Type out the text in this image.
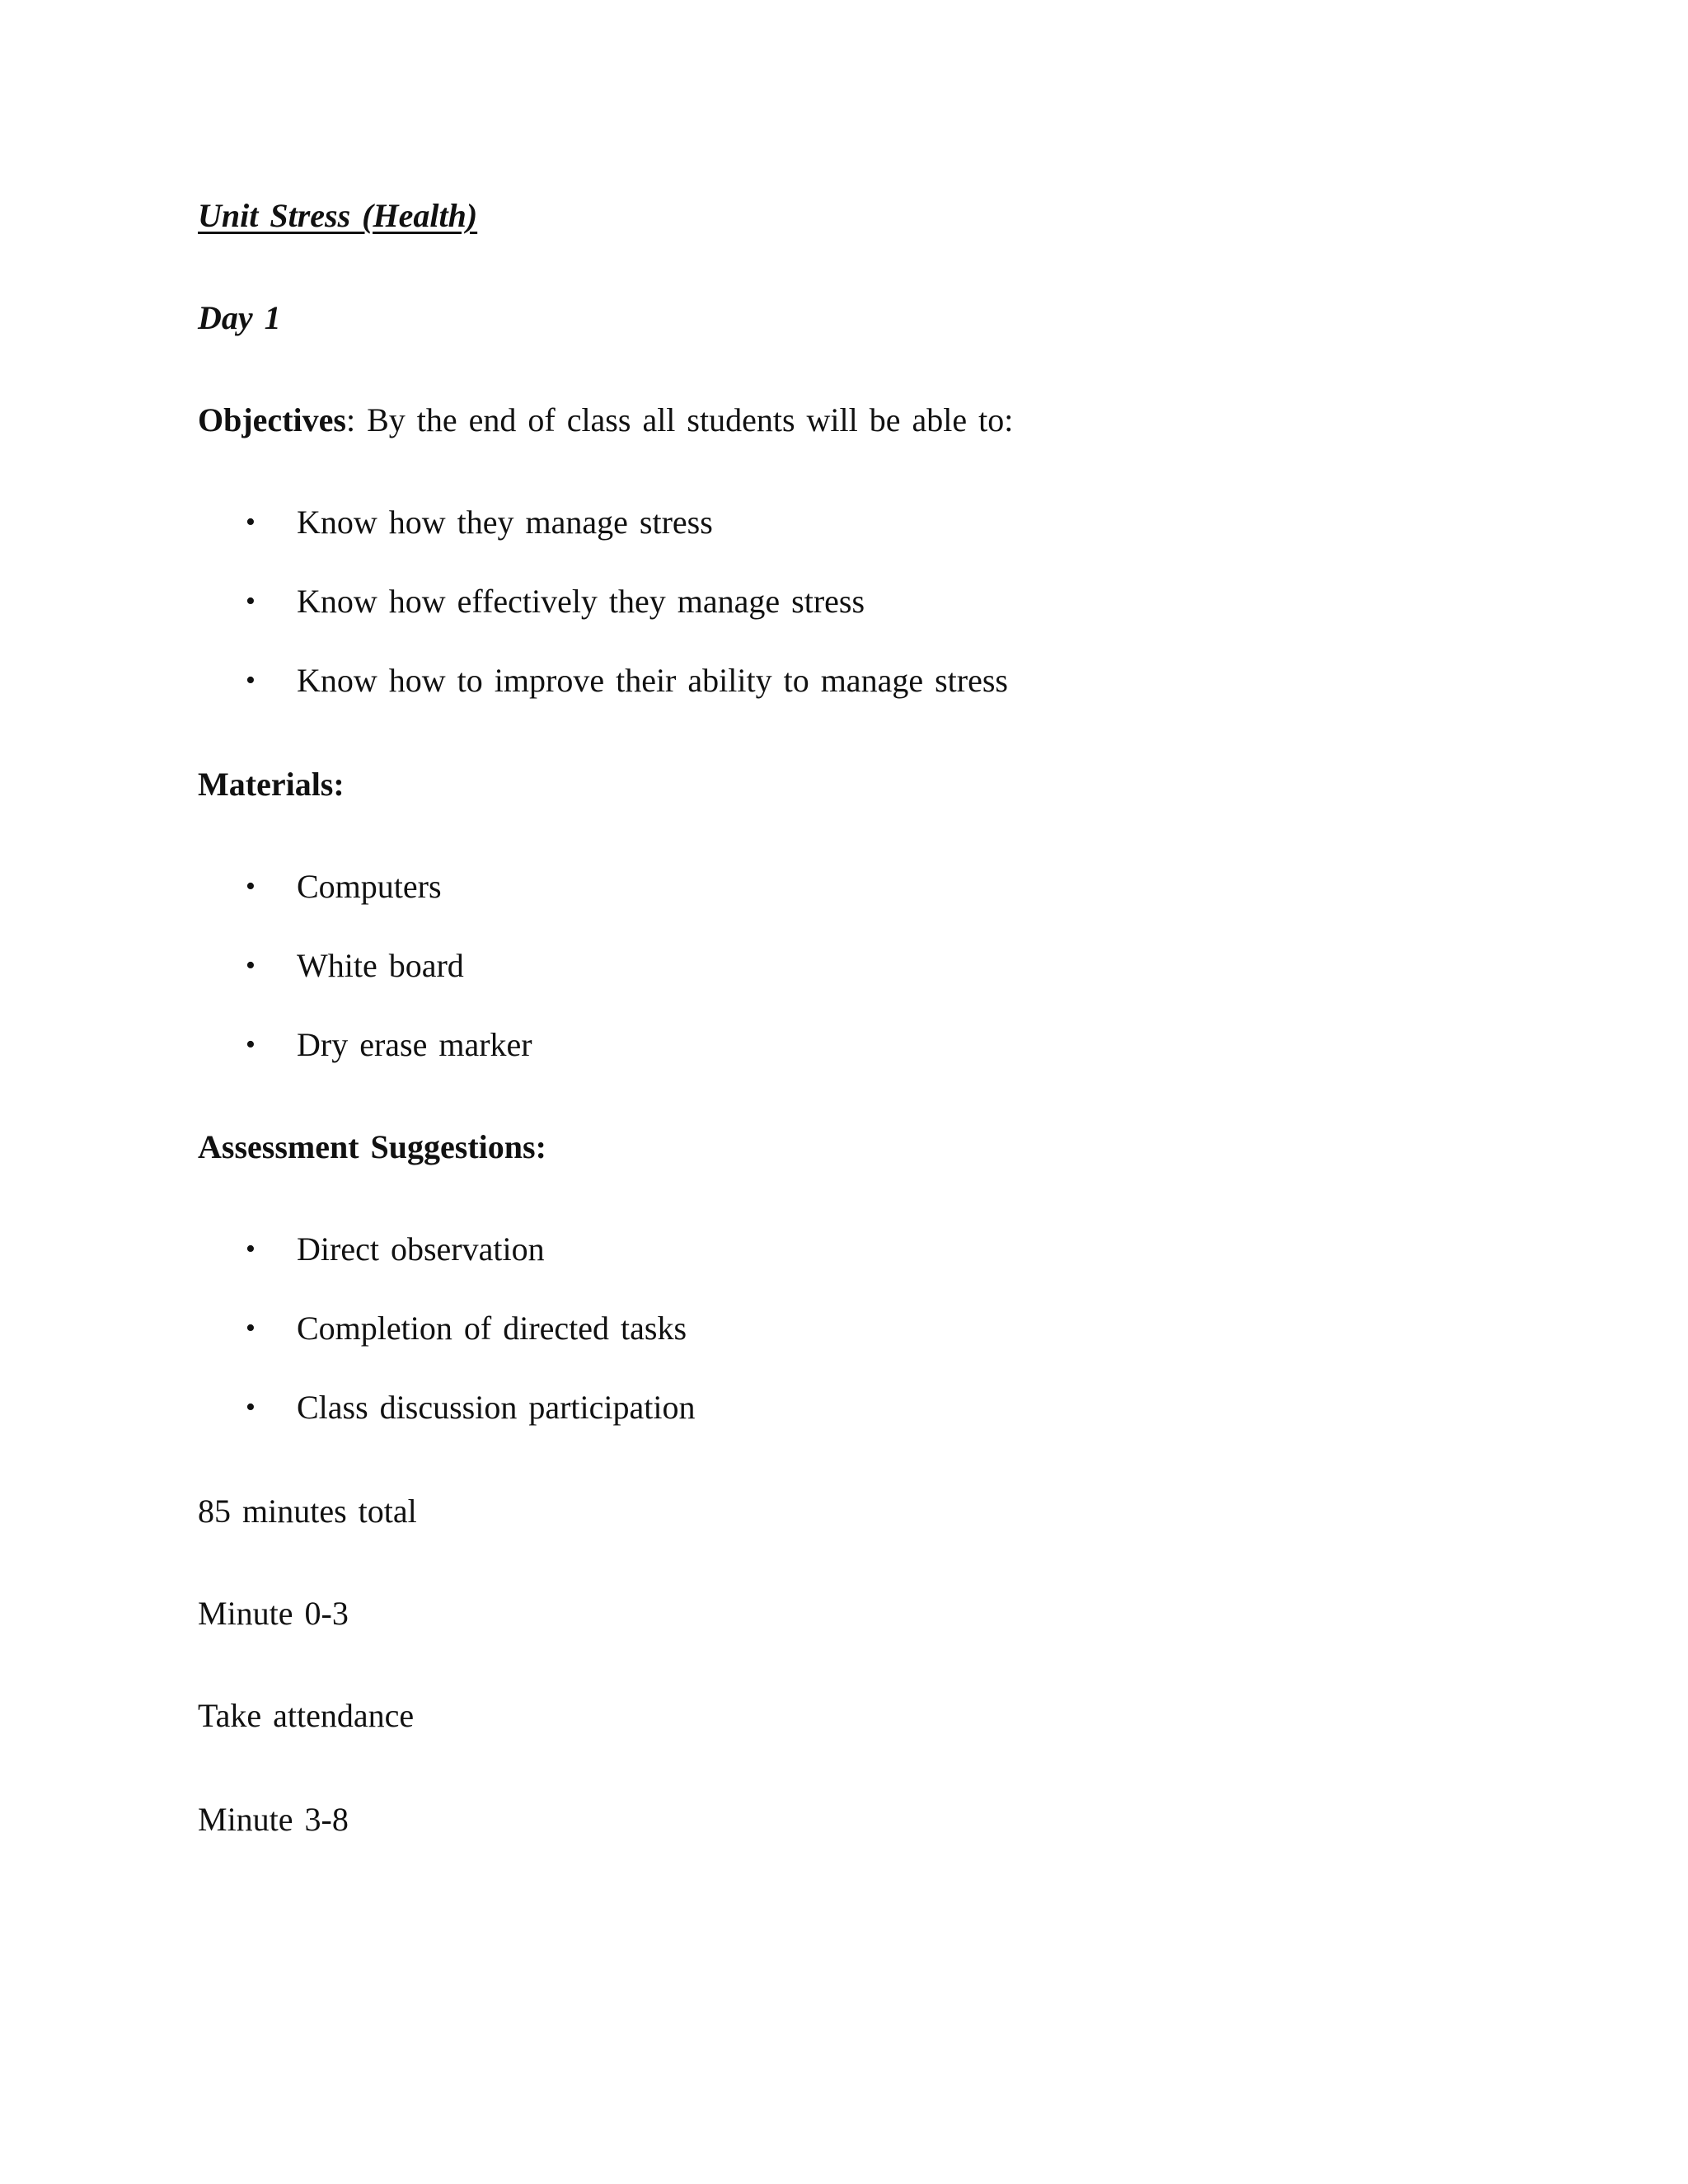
Unit Stress (Health)
Day 1
Objectives: By the end of class all students will be able to:
• Know how they manage stress
• Know how effectively they manage stress
• Know how to improve their ability to manage stress
Materials:
• Computers
• White board
• Dry erase marker
Assessment Suggestions:
• Direct observation
• Completion of directed tasks
• Class discussion participation
85 minutes total
Minute 0-3
Take attendance
Minute 3-8
